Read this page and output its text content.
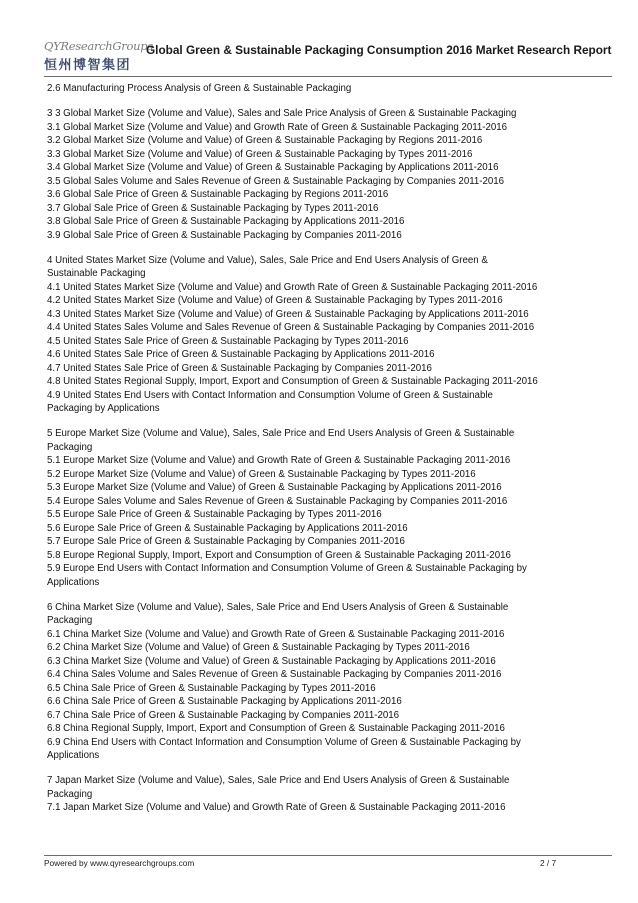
QYResearchGroups
恒州博智集团
Global Green & Sustainable Packaging Consumption 2016 Market Research Report
2.6 Manufacturing Process Analysis of Green & Sustainable Packaging
3 3 Global Market Size (Volume and Value), Sales and Sale Price Analysis of Green & Sustainable Packaging
3.1 Global Market Size (Volume and Value) and Growth Rate of Green & Sustainable Packaging 2011-2016
3.2 Global Market Size (Volume and Value) of Green & Sustainable Packaging by Regions 2011-2016
3.3 Global Market Size (Volume and Value) of Green & Sustainable Packaging by Types 2011-2016
3.4 Global Market Size (Volume and Value) of Green & Sustainable Packaging by Applications 2011-2016
3.5 Global Sales Volume and Sales Revenue of Green & Sustainable Packaging by Companies 2011-2016
3.6 Global Sale Price of Green & Sustainable Packaging by Regions 2011-2016
3.7 Global Sale Price of Green & Sustainable Packaging by Types 2011-2016
3.8 Global Sale Price of Green & Sustainable Packaging by Applications 2011-2016
3.9 Global Sale Price of Green & Sustainable Packaging by Companies 2011-2016
4 United States Market Size (Volume and Value), Sales, Sale Price and End Users Analysis of Green &
Sustainable Packaging
4.1 United States Market Size (Volume and Value) and Growth Rate of Green & Sustainable Packaging 2011-2016
4.2 United States Market Size (Volume and Value) of Green & Sustainable Packaging by Types 2011-2016
4.3 United States Market Size (Volume and Value) of Green & Sustainable Packaging by Applications 2011-2016
4.4 United States Sales Volume and Sales Revenue of Green & Sustainable Packaging by Companies 2011-2016
4.5 United States Sale Price of Green & Sustainable Packaging by Types 2011-2016
4.6 United States Sale Price of Green & Sustainable Packaging by Applications 2011-2016
4.7 United States Sale Price of Green & Sustainable Packaging by Companies 2011-2016
4.8 United States Regional Supply, Import, Export and Consumption of Green & Sustainable Packaging 2011-2016
4.9 United States End Users with Contact Information and Consumption Volume of Green & Sustainable
Packaging by Applications
5 Europe Market Size (Volume and Value), Sales, Sale Price and End Users Analysis of Green & Sustainable
Packaging
5.1 Europe Market Size (Volume and Value) and Growth Rate of Green & Sustainable Packaging 2011-2016
5.2 Europe Market Size (Volume and Value) of Green & Sustainable Packaging by Types 2011-2016
5.3 Europe Market Size (Volume and Value) of Green & Sustainable Packaging by Applications 2011-2016
5.4 Europe Sales Volume and Sales Revenue of Green & Sustainable Packaging by Companies 2011-2016
5.5 Europe Sale Price of Green & Sustainable Packaging by Types 2011-2016
5.6 Europe Sale Price of Green & Sustainable Packaging by Applications 2011-2016
5.7 Europe Sale Price of Green & Sustainable Packaging by Companies 2011-2016
5.8 Europe Regional Supply, Import, Export and Consumption of Green & Sustainable Packaging 2011-2016
5.9 Europe End Users with Contact Information and Consumption Volume of Green & Sustainable Packaging by
Applications
6 China Market Size (Volume and Value), Sales, Sale Price and End Users Analysis of Green & Sustainable
Packaging
6.1 China Market Size (Volume and Value) and Growth Rate of Green & Sustainable Packaging 2011-2016
6.2 China Market Size (Volume and Value) of Green & Sustainable Packaging by Types 2011-2016
6.3 China Market Size (Volume and Value) of Green & Sustainable Packaging by Applications 2011-2016
6.4 China Sales Volume and Sales Revenue of Green & Sustainable Packaging by Companies 2011-2016
6.5 China Sale Price of Green & Sustainable Packaging by Types 2011-2016
6.6 China Sale Price of Green & Sustainable Packaging by Applications 2011-2016
6.7 China Sale Price of Green & Sustainable Packaging by Companies 2011-2016
6.8 China Regional Supply, Import, Export and Consumption of Green & Sustainable Packaging 2011-2016
6.9 China End Users with Contact Information and Consumption Volume of Green & Sustainable Packaging by
Applications
7 Japan Market Size (Volume and Value), Sales, Sale Price and End Users Analysis of Green & Sustainable
Packaging
7.1 Japan Market Size (Volume and Value) and Growth Rate of Green & Sustainable Packaging 2011-2016
Powered by www.qyresearchgroups.com	2 / 7
